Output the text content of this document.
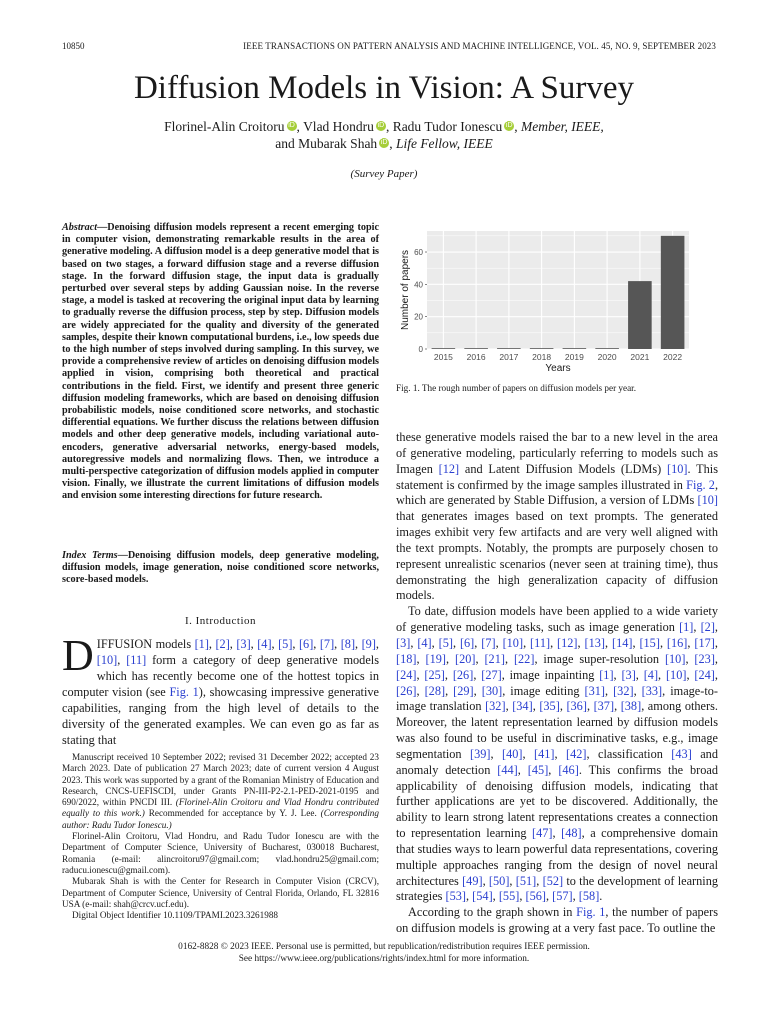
10850	IEEE TRANSACTIONS ON PATTERN ANALYSIS AND MACHINE INTELLIGENCE, VOL. 45, NO. 9, SEPTEMBER 2023
Diffusion Models in Vision: A Survey
Florinel-Alin Croitoru iD , Vlad Hondru iD , Radu Tudor Ionescu iD , Member, IEEE,
and Mubarak Shah iD , Life Fellow, IEEE
(Survey Paper)
Abstract—Denoising diffusion models represent a recent emerging topic in computer vision, demonstrating remarkable results in the area of generative modeling. A diffusion model is a deep generative model that is based on two stages, a forward diffusion stage and a reverse diffusion stage. In the forward diffusion stage, the input data is gradually perturbed over several steps by adding Gaussian noise. In the reverse stage, a model is tasked at recovering the original input data by learning to gradually reverse the diffusion process, step by step. Diffusion models are widely appreciated for the quality and diversity of the generated samples, despite their known computational burdens, i.e., low speeds due to the high number of steps involved during sampling. In this survey, we provide a comprehensive review of articles on denoising diffusion models applied in vision, comprising both theoretical and practical contributions in the field. First, we identify and present three generic diffusion modeling frameworks, which are based on denoising diffusion probabilistic models, noise conditioned score networks, and stochastic differential equations. We further discuss the relations between diffusion models and other deep generative models, including variational auto-encoders, generative adversarial networks, energy-based models, autoregressive models and normalizing flows. Then, we introduce a multi-perspective categorization of diffusion models applied in computer vision. Finally, we illustrate the current limitations of diffusion models and envision some interesting directions for future research.
Index Terms—Denoising diffusion models, deep generative modeling, diffusion models, image generation, noise conditioned score networks, score-based models.
I. Introduction
DIFFUSION models [1], [2], [3], [4], [5], [6], [7], [8], [9], [10], [11] form a category of deep generative models which has recently become one of the hottest topics in computer vision (see Fig. 1), showcasing impressive generative capabilities, ranging from the high level of details to the diversity of the generated examples. We can even go as far as stating that

Manuscript received 10 September 2022; revised 31 December 2022; accepted 23 March 2023. Date of publication 27 March 2023; date of current version 4 August 2023. This work was supported by a grant of the Romanian Ministry of Education and Research, CNCS-UEFISCDI, under Grants PN-III-P2-2.1-PED-2021-0195 and 690/2022, within PNCDI III. (Florinel-Alin Croitoru and Vlad Hondru contributed equally to this work.) Recommended for acceptance by Y. J. Lee. (Corresponding author: Radu Tudor Ionescu.)

Florinel-Alin Croitoru, Vlad Hondru, and Radu Tudor Ionescu are with the Department of Computer Science, University of Bucharest, 030018 Bucharest, Romania (e-mail: alincroitoru97@gmail.com; vlad.hondru25@gmail.com; raducu.ionescu@gmail.com).

Mubarak Shah is with the Center for Research in Computer Vision (CRCV), Department of Computer Science, University of Central Florida, Orlando, FL 32816 USA (e-mail: shah@crcv.ucf.edu).

Digital Object Identifier 10.1109/TPAMI.2023.3261988

0
20
40
60
2015 2016 2017 2018 2019 2020 2021 2022
Years
Number of papers
Fig. 1. The rough number of papers on diffusion models per year.

these generative models raised the bar to a new level in the area of generative modeling, particularly referring to models such as Imagen [12] and Latent Diffusion Models (LDMs) [10]. This statement is confirmed by the image samples illustrated in Fig. 2, which are generated by Stable Diffusion, a version of LDMs [10] that generates images based on text prompts. The generated images exhibit very few artifacts and are very well aligned with the text prompts. Notably, the prompts are purposely chosen to represent unrealistic scenarios (never seen at training time), thus demonstrating the high generalization capacity of diffusion models.

To date, diffusion models have been applied to a wide variety of generative modeling tasks, such as image generation [1], [2], [3], [4], [5], [6], [7], [10], [11], [12], [13], [14], [15], [16], [17], [18], [19], [20], [21], [22], image super-resolution [10], [23], [24], [25], [26], [27], image inpainting [1], [3], [4], [10], [24], [26], [28], [29], [30], image editing [31], [32], [33], image-to-image translation [32], [34], [35], [36], [37], [38], among others. Moreover, the latent representation learned by diffusion models was also found to be useful in discriminative tasks, e.g., image segmentation [39], [40], [41], [42], classification [43] and anomaly detection [44], [45], [46]. This confirms the broad applicability of denoising diffusion models, indicating that further applications are yet to be discovered. Additionally, the ability to learn strong latent representations creates a connection to representation learning [47], [48], a comprehensive domain that studies ways to learn powerful data representations, covering multiple approaches ranging from the design of novel neural architectures [49], [50], [51], [52] to the development of learning strategies [53], [54], [55], [56], [57], [58].

According to the graph shown in Fig. 1, the number of papers on diffusion models is growing at a very fast pace. To outline the

0162-8828 © 2023 IEEE. Personal use is permitted, but republication/redistribution requires IEEE permission.
See https://www.ieee.org/publications/rights/index.html for more information.
